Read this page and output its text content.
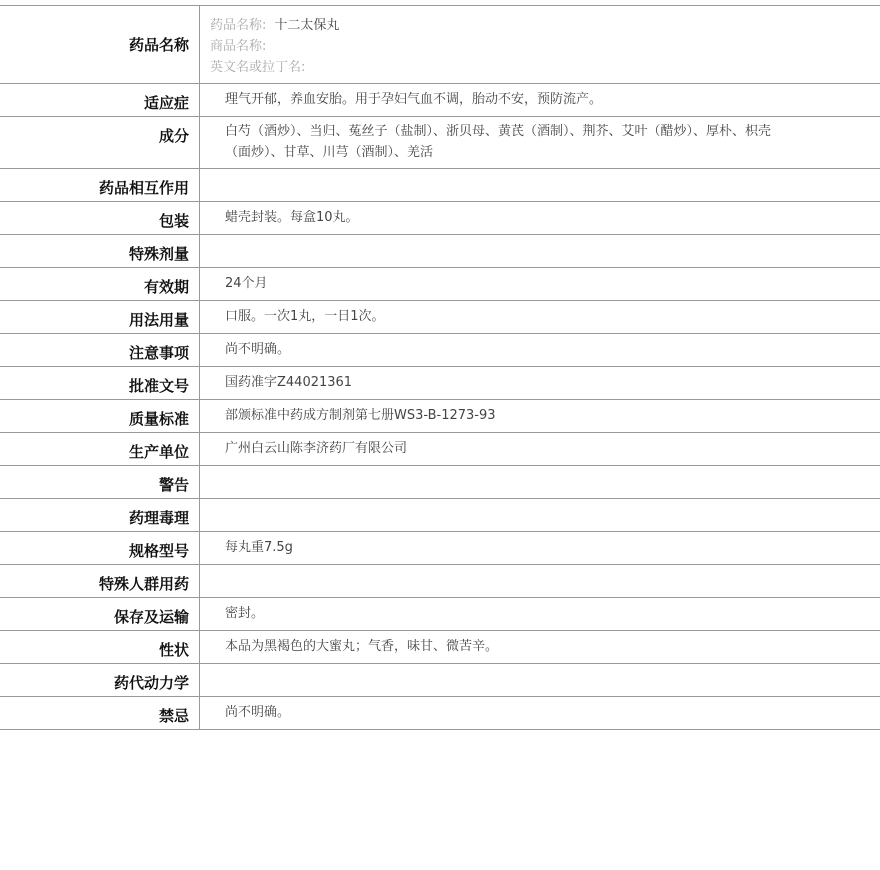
药品名称
药品名称: 十二太保丸
商品名称:
英文名或拉丁名:
适应症	理气开郁，养血安胎。用于孕妇气血不调，胎动不安，预防流产。
成分	白芍（酒炒）、当归、菟丝子（盐制）、浙贝母、黄芪（酒制）、荆芥、艾叶（醋炒）、厚朴、枳壳（面炒）、甘草、川芎（酒制）、羌活
药品相互作用
包装	蜡壳封装。每盒10丸。
特殊剂量
有效期	24个月
用法用量	口服。一次1丸，一日1次。
注意事项	尚不明确。
批准文号	国药准字Z44021361
质量标准	部颁标准中药成方制剂第七册WS3-B-1273-93
生产单位	广州白云山陈李济药厂有限公司
警告
药理毒理
规格型号	每丸重7.5g
特殊人群用药
保存及运输	密封。
性状	本品为黑褐色的大蜜丸；气香，味甘、微苦辛。
药代动力学
禁忌	尚不明确。
